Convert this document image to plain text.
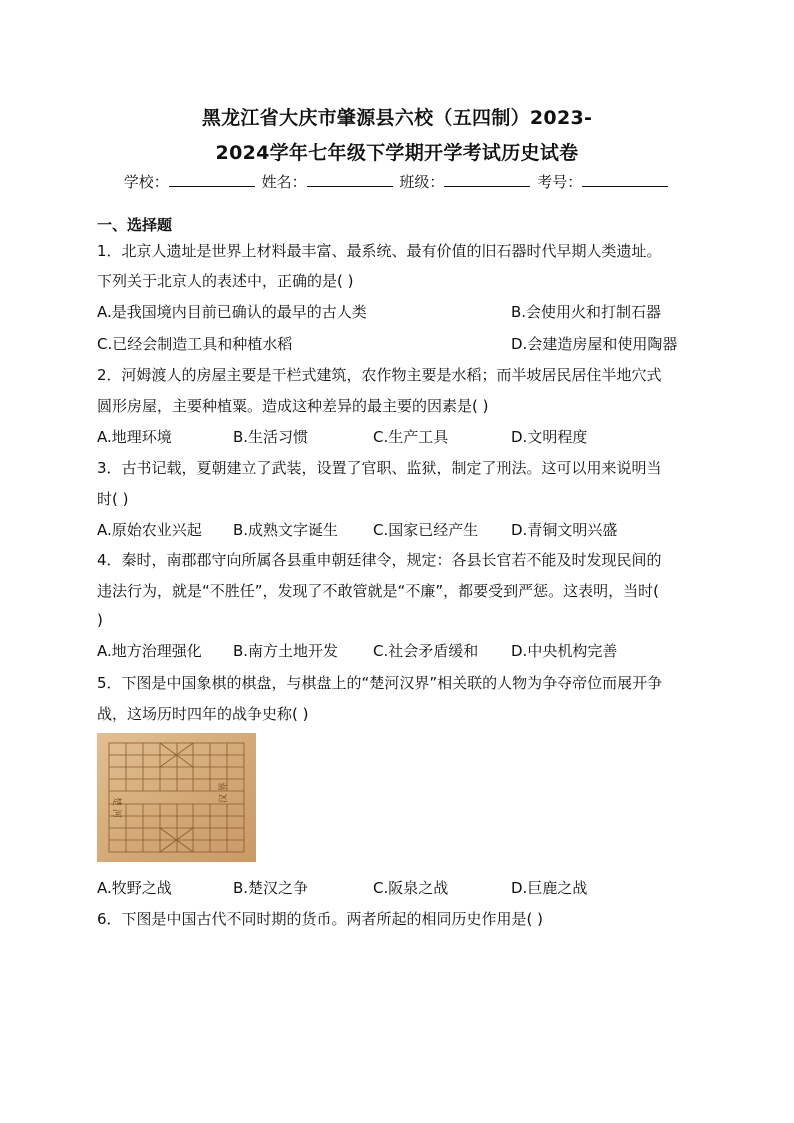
黑龙江省大庆市肇源县六校（五四制）2023-
2024学年七年级下学期开学考试历史试卷
学校：	姓名：	班级：	考号：
一、选择题
1．北京人遗址是世界上材料最丰富、最系统、最有价值的旧石器时代早期人类遗址。
下列关于北京人的表述中，正确的是( )
A.是我国境内目前已确认的最早的古人类	B.会使用火和打制石器
C.已经会制造工具和种植水稻	D.会建造房屋和使用陶器
2．河姆渡人的房屋主要是干栏式建筑，农作物主要是水稻；而半坡居民居住半地穴式
圆形房屋，主要种植粟。造成这种差异的最主要的因素是( )
A.地理环境	B.生活习惯	C.生产工具	D.文明程度
3．古书记载，夏朝建立了武装，设置了官职、监狱，制定了刑法。这可以用来说明当
时( )
A.原始农业兴起 B.成熟文字诞生 C.国家已经产生 D.青铜文明兴盛
4．秦时，南郡郡守向所属各县重申朝廷律令，规定：各县长官若不能及时发现民间的
违法行为，就是“不胜任”，发现了不敢管就是“不廉”，都要受到严惩。这表明，当时(
)
A.地方治理强化 B.南方土地开发 C.社会矛盾缓和 D.中央机构完善
5．下图是中国象棋的棋盘，与棋盘上的“楚河汉界”相关联的人物为争夺帝位而展开争
战，这场历时四年的战争史称( )
楚 河
汉 界
A.牧野之战	B.楚汉之争	C.阪泉之战	D.巨鹿之战
6．下图是中国古代不同时期的货币。两者所起的相同历史作用是( )
